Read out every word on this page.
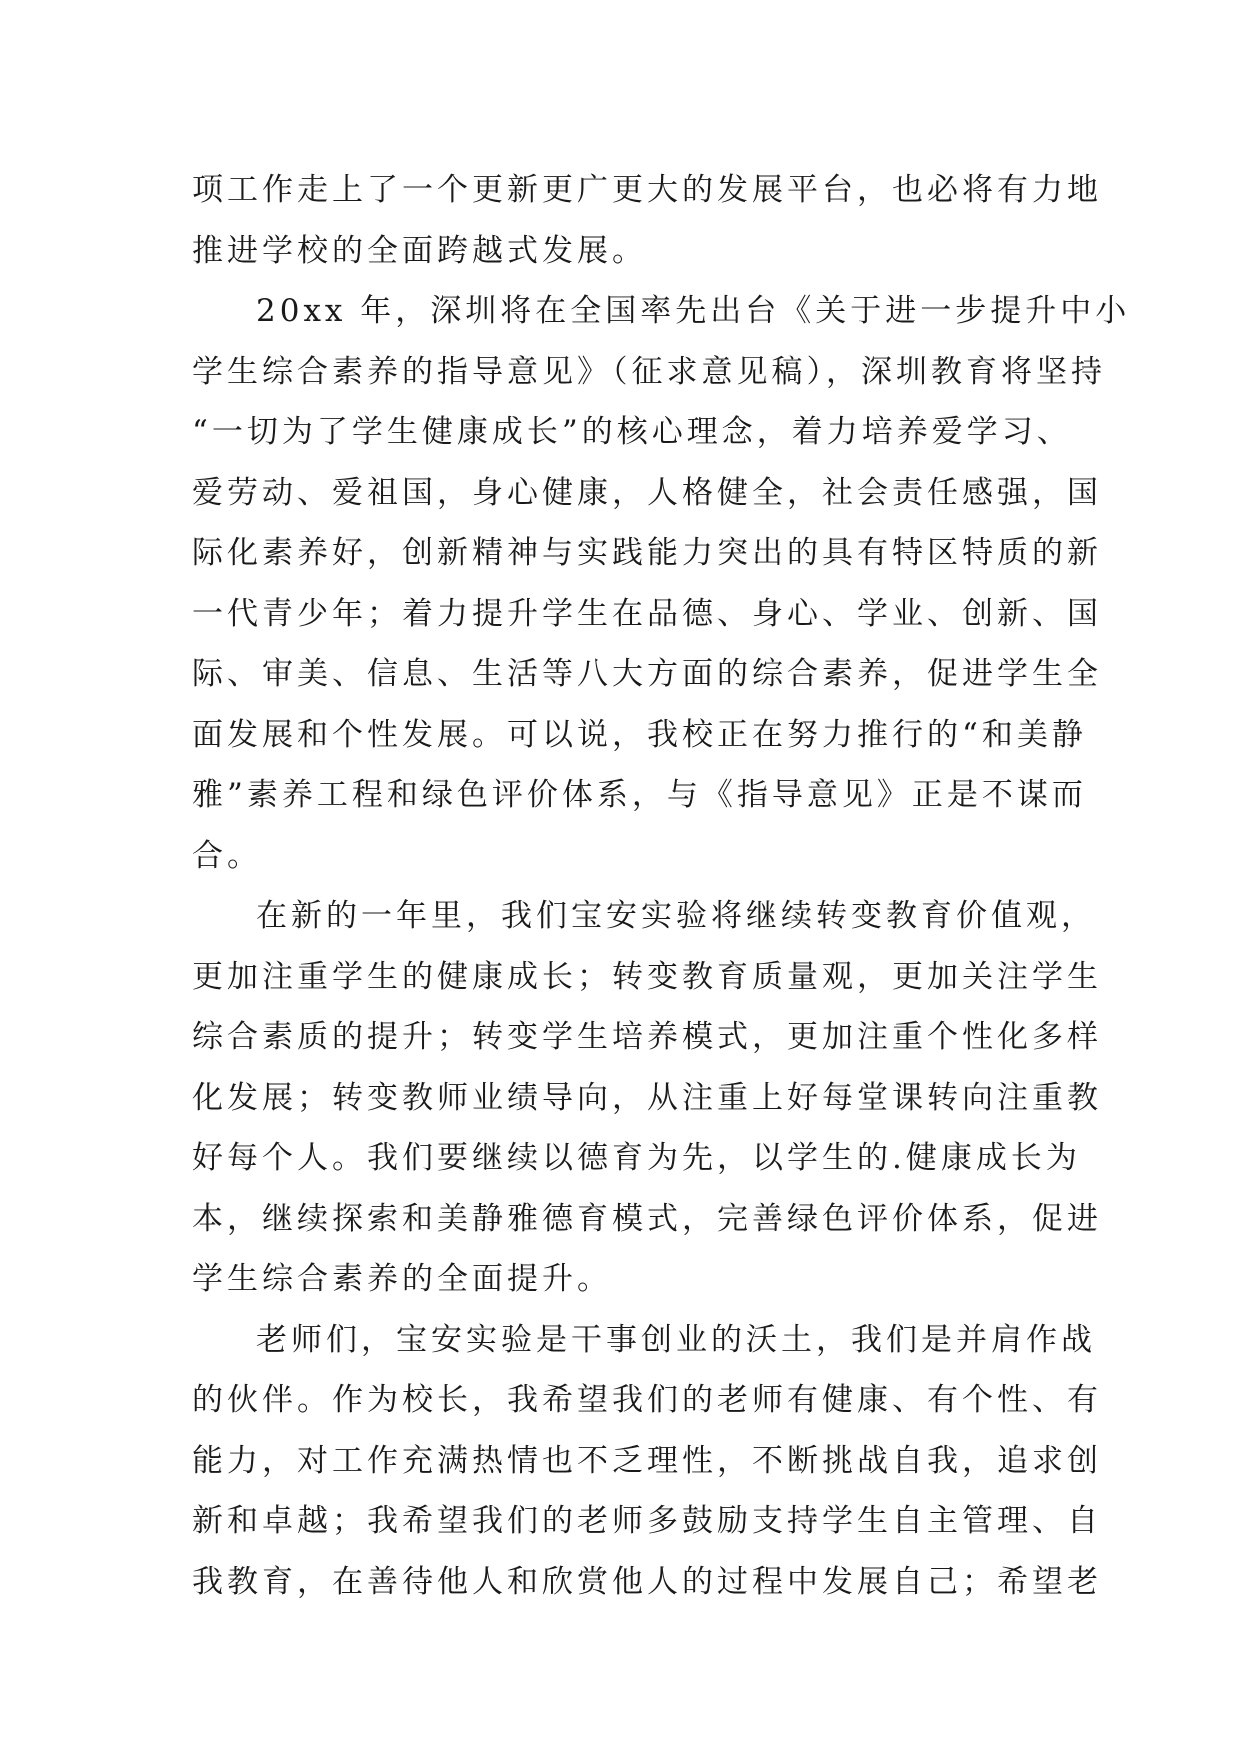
项工作走上了一个更新更广更大的发展平台，也必将有力地
推进学校的全面跨越式发展。
20xx 年，深圳将在全国率先出台《关于进一步提升中小
学生综合素养的指导意见》（征求意见稿），深圳教育将坚持
“一切为了学生健康成长”的核心理念，着力培养爱学习、
爱劳动、爱祖国，身心健康，人格健全，社会责任感强，国
际化素养好，创新精神与实践能力突出的具有特区特质的新
一代青少年；着力提升学生在品德、身心、学业、创新、国
际、审美、信息、生活等八大方面的综合素养，促进学生全
面发展和个性发展。可以说，我校正在努力推行的“和美静
雅”素养工程和绿色评价体系，与《指导意见》正是不谋而
合。
在新的一年里，我们宝安实验将继续转变教育价值观，
更加注重学生的健康成长；转变教育质量观，更加关注学生
综合素质的提升；转变学生培养模式，更加注重个性化多样
化发展；转变教师业绩导向，从注重上好每堂课转向注重教
好每个人。我们要继续以德育为先，以学生的.健康成长为
本，继续探索和美静雅德育模式，完善绿色评价体系，促进
学生综合素养的全面提升。
老师们，宝安实验是干事创业的沃土，我们是并肩作战
的伙伴。作为校长，我希望我们的老师有健康、有个性、有
能力，对工作充满热情也不乏理性，不断挑战自我，追求创
新和卓越；我希望我们的老师多鼓励支持学生自主管理、自
我教育，在善待他人和欣赏他人的过程中发展自己；希望老
